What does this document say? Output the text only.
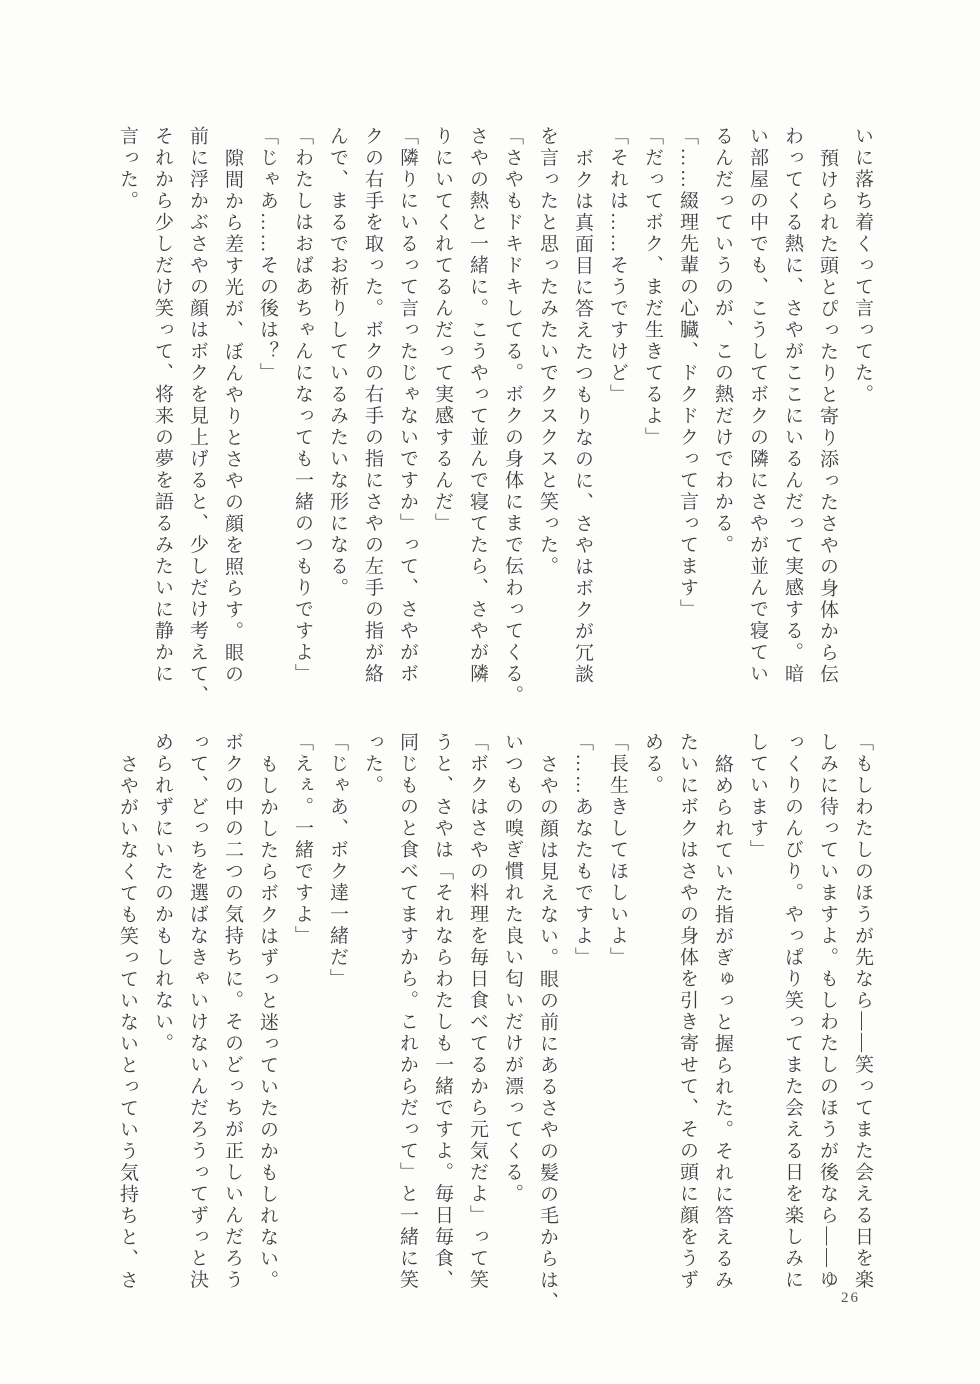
いに落ち着くって言ってた。
預けられた頭とぴったりと寄り添ったさやの身体から伝
わってくる熱に、さやがここにいるんだって実感する。暗
い部屋の中でも、こうしてボクの隣にさやが並んで寝てい
るんだっていうのが、この熱だけでわかる。
「……綴理先輩の心臓、ドクドクって言ってます」
「だってボク、まだ生きてるよ」
「それは……そうですけど」
ボクは真面目に答えたつもりなのに、さやはボクが冗談
を言ったと思ったみたいでクスクスと笑った。
「さやもドキドキしてる。ボクの身体にまで伝わってくる。
さやの熱と一緒に。こうやって並んで寝てたら、さやが隣
りにいてくれてるんだって実感するんだ」
「隣りにいるって言ったじゃないですか」って、さやがボ
クの右手を取った。ボクの右手の指にさやの左手の指が絡
んで、まるでお祈りしているみたいな形になる。
「わたしはおばあちゃんになっても一緒のつもりですよ」
「じゃあ……その後は？」
隙間から差す光が、ぼんやりとさやの顔を照らす。眼の
前に浮かぶさやの顔はボクを見上げると、少しだけ考えて、
それから少しだけ笑って、将来の夢を語るみたいに静かに
言った。
「もしわたしのほうが先なら――笑ってまた会える日を楽
しみに待っていますよ。もしわたしのほうが後なら――ゆ
っくりのんびり。やっぱり笑ってまた会える日を楽しみに
しています」
絡められていた指がぎゅっと握られた。それに答えるみ
たいにボクはさやの身体を引き寄せて、その頭に顔をうず
める。
「長生きしてほしいよ」
「……あなたもですよ」
さやの顔は見えない。眼の前にあるさやの髪の毛からは、
いつもの嗅ぎ慣れた良い匂いだけが漂ってくる。
「ボクはさやの料理を毎日食べてるから元気だよ」って笑
うと、さやは「それならわたしも一緒ですよ。毎日毎食、
同じものと食べてますから。これからだって」と一緒に笑
った。
「じゃあ、ボク達一緒だ」
「えぇ。一緒ですよ」
もしかしたらボクはずっと迷っていたのかもしれない。
ボクの中の二つの気持ちに。そのどっちが正しいんだろう
って、どっちを選ばなきゃいけないんだろうってずっと決
められずにいたのかもしれない。
さやがいなくても笑っていないとっていう気持ちと、さ
26
